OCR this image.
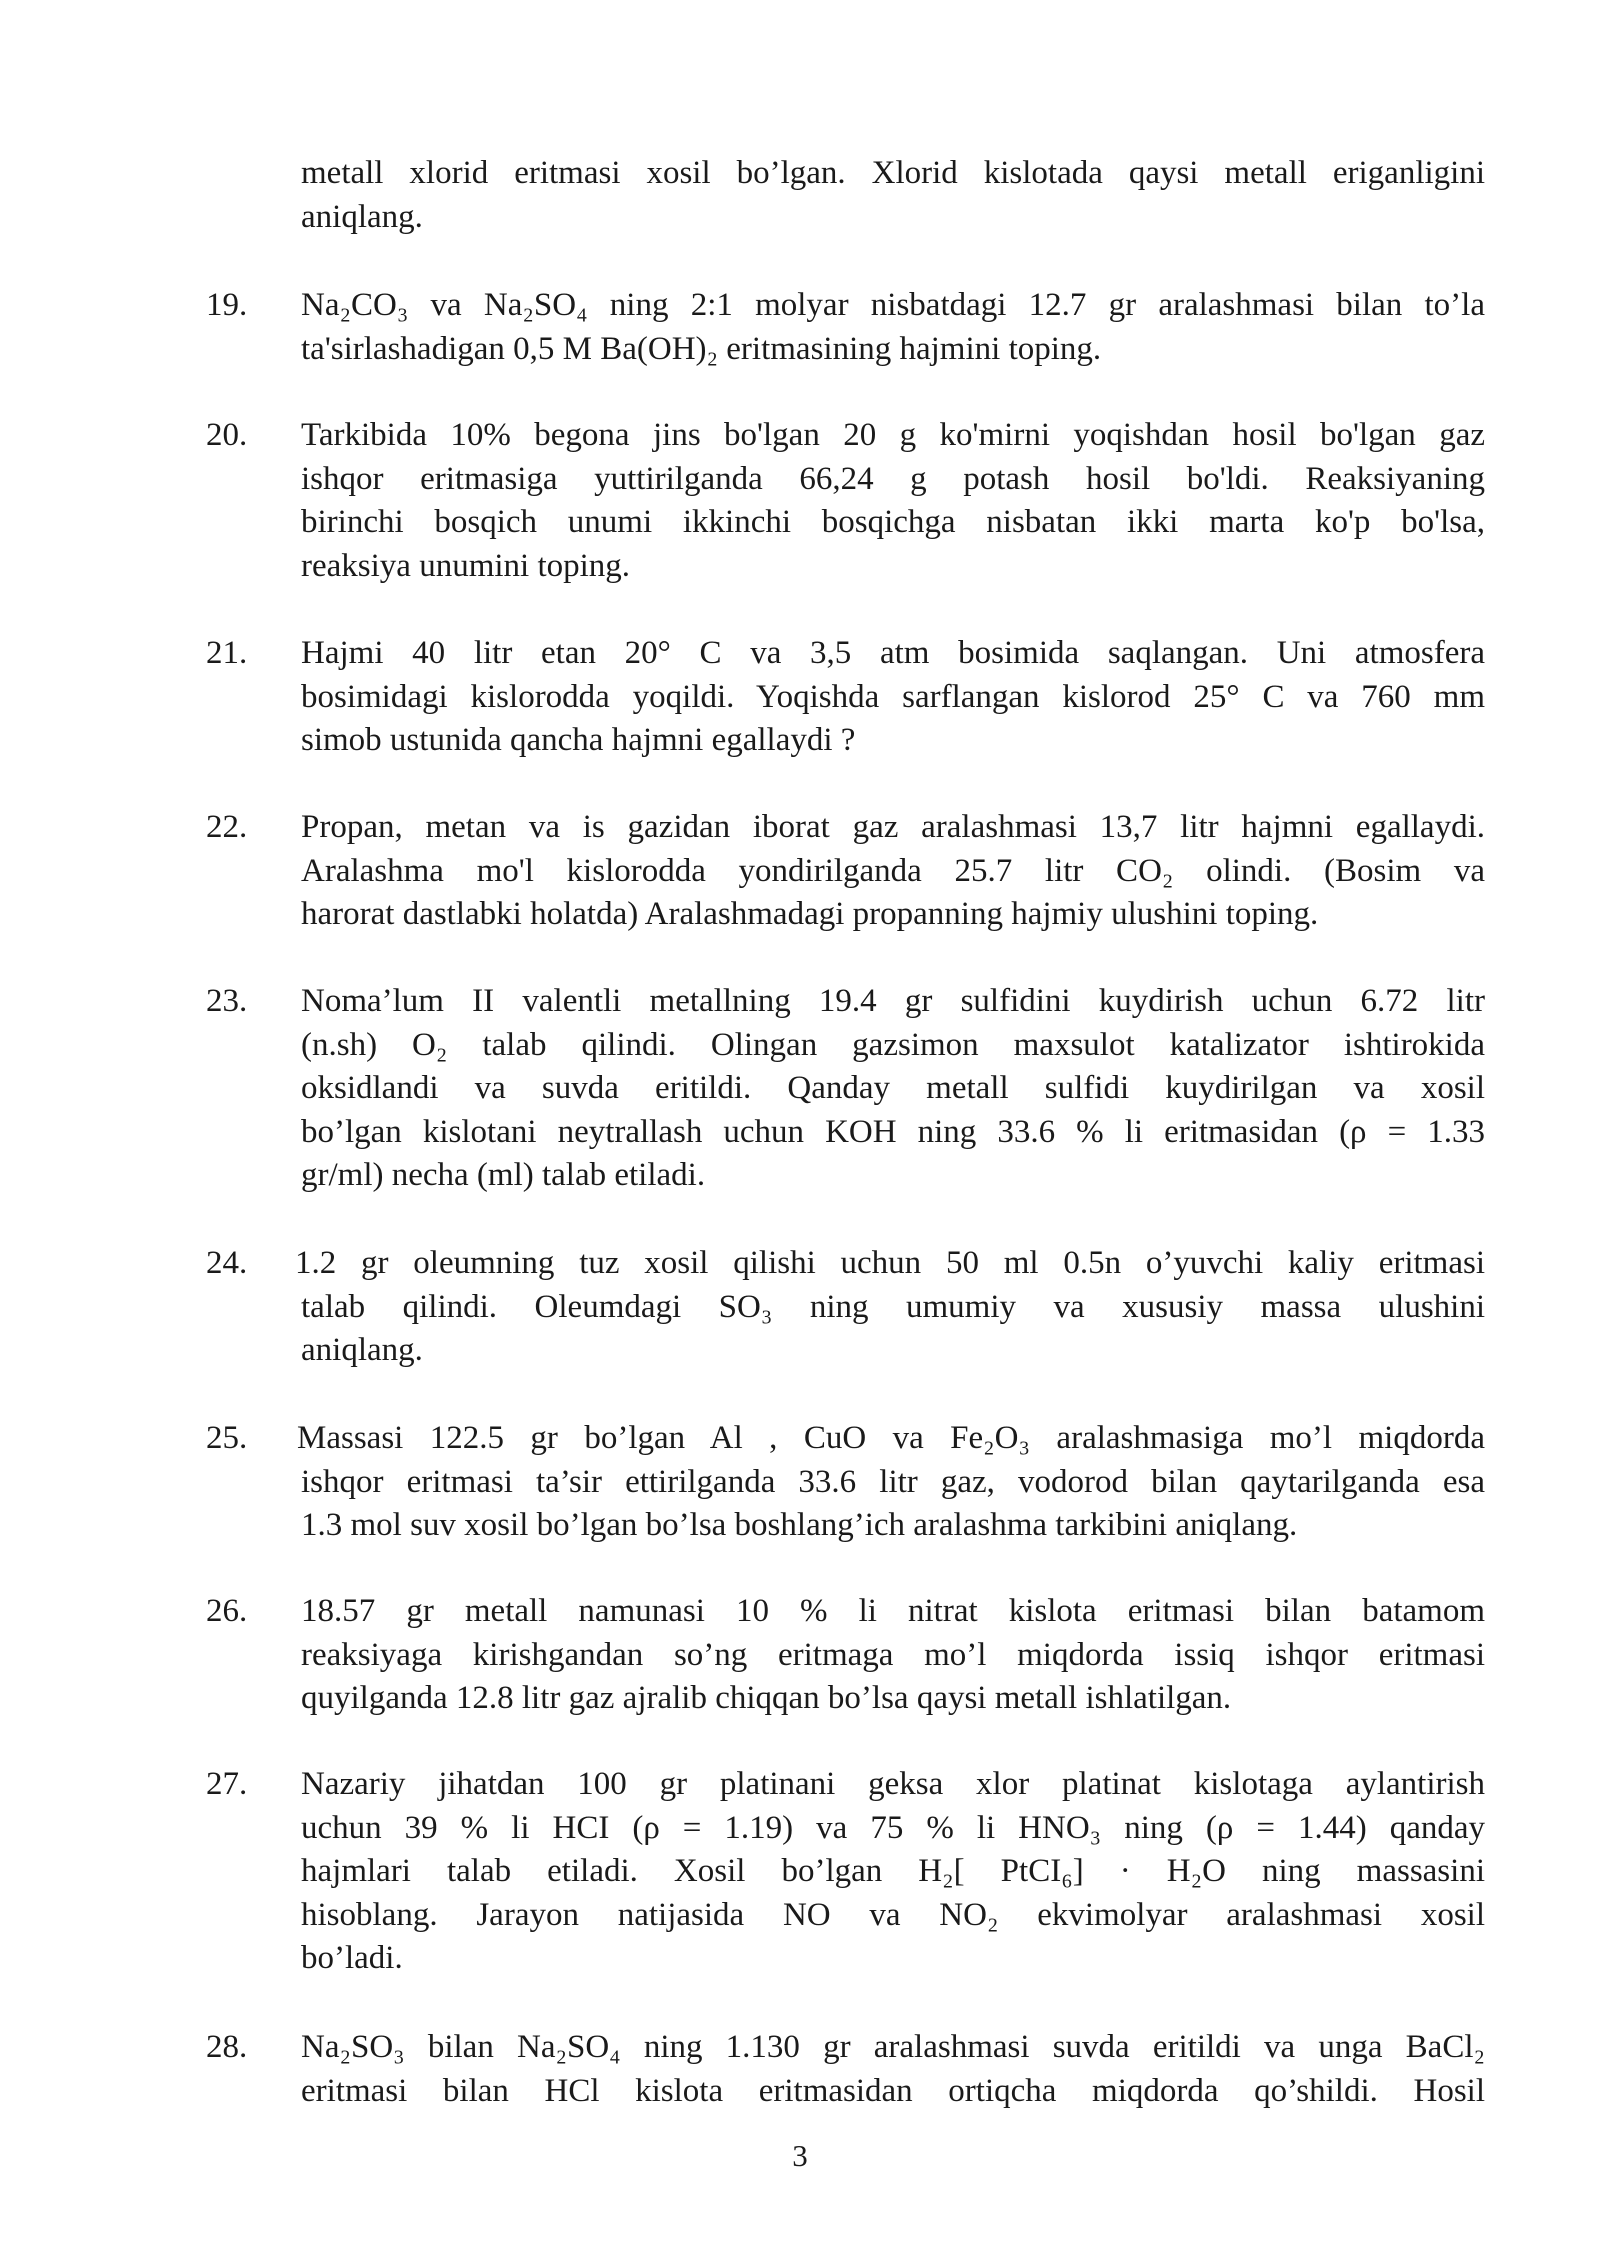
metall xlorid eritmasi xosil bo’lgan. Xlorid kislotada qaysi metall eriganligini
aniqlang.
19. Na₂CO₃ va Na₂SO₄ ning 2:1 molyar nisbatdagi 12.7 gr aralashmasi bilan to’la
ta'sirlashadigan 0,5 M Ba(OH)₂ eritmasining hajmini toping.
20. Tarkibida 10% begona jins bo'lgan 20 g ko'mirni yoqishdan hosil bo'lgan gaz
ishqor eritmasiga yuttirilganda 66,24 g potash hosil bo'ldi. Reaksiyaning
birinchi bosqich unumi ikkinchi bosqichga nisbatan ikki marta ko'p bo'lsa,
reaksiya unumini toping.
21. Hajmi 40 litr etan 20° C va 3,5 atm bosimida saqlangan. Uni atmosfera
bosimidagi kislorodda yoqildi. Yoqishda sarflangan kislorod 25° C va 760 mm
simob ustunida qancha hajmni egallaydi ?
22. Propan, metan va is gazidan iborat gaz aralashmasi 13,7 litr hajmni egallaydi.
Aralashma mo'l kislorodda yondirilganda 25.7 litr CO₂ olindi. (Bosim va
harorat dastlabki holatda) Aralashmadagi propanning hajmiy ulushini toping.
23. Noma’lum II valentli metallning 19.4 gr sulfidini kuydirish uchun 6.72 litr
(n.sh) O₂ talab qilindi. Olingan gazsimon maxsulot katalizator ishtirokida
oksidlandi va suvda eritildi. Qanday metall sulfidi kuydirilgan va xosil
bo’lgan kislotani neytrallash uchun KOH ning 33.6 % li eritmasidan (ρ = 1.33
gr/ml) necha (ml) talab etiladi.
24. 1.2 gr oleumning tuz xosil qilishi uchun 50 ml 0.5n o’yuvchi kaliy eritmasi
talab qilindi. Oleumdagi SO₃ ning umumiy va xususiy massa ulushini
aniqlang.
25. Massasi 122.5 gr bo’lgan Al , CuO va Fe₂O₃ aralashmasiga mo’l miqdorda
ishqor eritmasi ta’sir ettirilganda 33.6 litr gaz, vodorod bilan qaytarilganda esa
1.3 mol suv xosil bo’lgan bo’lsa boshlang’ich aralashma tarkibini aniqlang.
26. 18.57 gr metall namunasi 10 % li nitrat kislota eritmasi bilan batamom
reaksiyaga kirishgandan so’ng eritmaga mo’l miqdorda issiq ishqor eritmasi
quyilganda 12.8 litr gaz ajralib chiqqan bo’lsa qaysi metall ishlatilgan.
27. Nazariy jihatdan 100 gr platinani geksa xlor platinat kislotaga aylantirish
uchun 39 % li HCI (ρ = 1.19) va 75 % li HNO₃ ning (ρ = 1.44) qanday
hajmlari talab etiladi. Xosil bo’lgan H₂[ PtCI₆] · H₂O ning massasini
hisoblang. Jarayon natijasida NO va NO₂ ekvimolyar aralashmasi xosil
bo’ladi.
28. Na₂SO₃ bilan Na₂SO₄ ning 1.130 gr aralashmasi suvda eritildi va unga BaCl₂
eritmasi bilan HCl kislota eritmasidan ortiqcha miqdorda qo’shildi. Hosil
3
